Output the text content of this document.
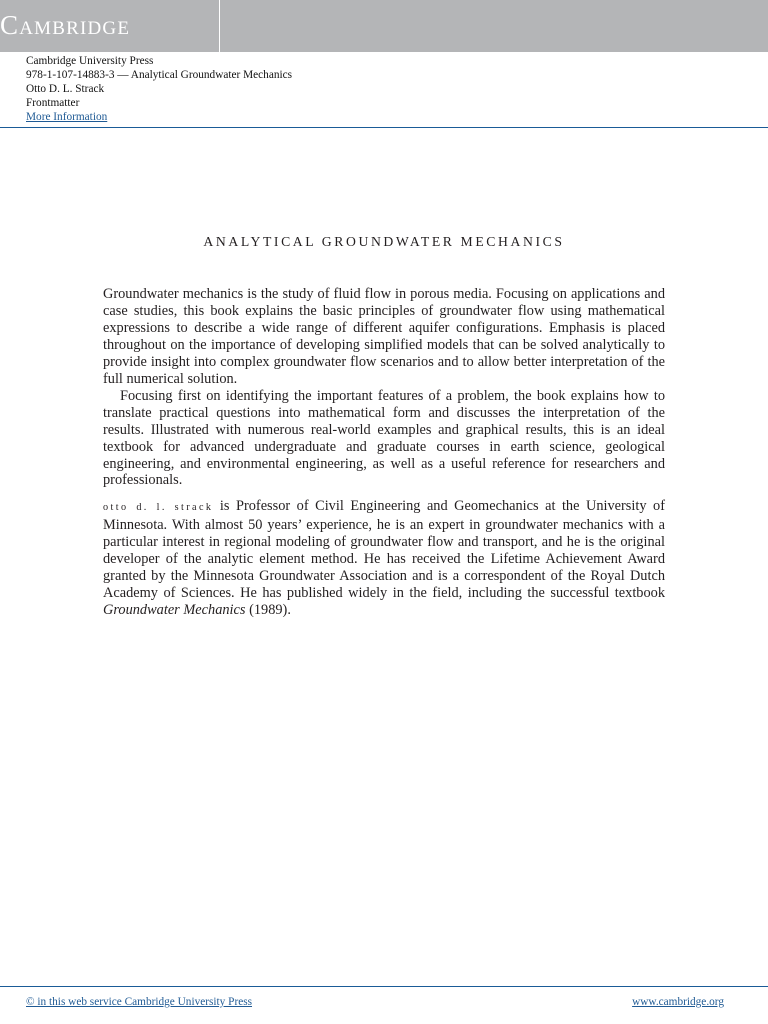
Cambridge
Cambridge University Press
978-1-107-14883-3 — Analytical Groundwater Mechanics
Otto D. L. Strack
Frontmatter
More Information
ANALYTICAL GROUNDWATER MECHANICS

Groundwater mechanics is the study of fluid flow in porous media. Focusing on applications and case studies, this book explains the basic principles of groundwater flow using mathematical expressions to describe a wide range of different aquifer configurations. Emphasis is placed throughout on the importance of developing simplified models that can be solved analytically to provide insight into complex groundwater flow scenarios and to allow better interpretation of the full numerical solution.

Focusing first on identifying the important features of a problem, the book explains how to translate practical questions into mathematical form and discusses the interpretation of the results. Illustrated with numerous real-world examples and graphical results, this is an ideal textbook for advanced undergraduate and graduate courses in earth science, geological engineering, and environmental engineering, as well as a useful reference for researchers and professionals.

otto d. l. strack is Professor of Civil Engineering and Geomechanics at the University of Minnesota. With almost 50 years’ experience, he is an expert in groundwater mechanics with a particular interest in regional modeling of groundwater flow and transport, and he is the original developer of the analytic element method. He has received the Lifetime Achievement Award granted by the Minnesota Groundwater Association and is a correspondent of the Royal Dutch Academy of Sciences. He has published widely in the field, including the successful textbook Groundwater Mechanics (1989).

© in this web service Cambridge University Press	www.cambridge.org
